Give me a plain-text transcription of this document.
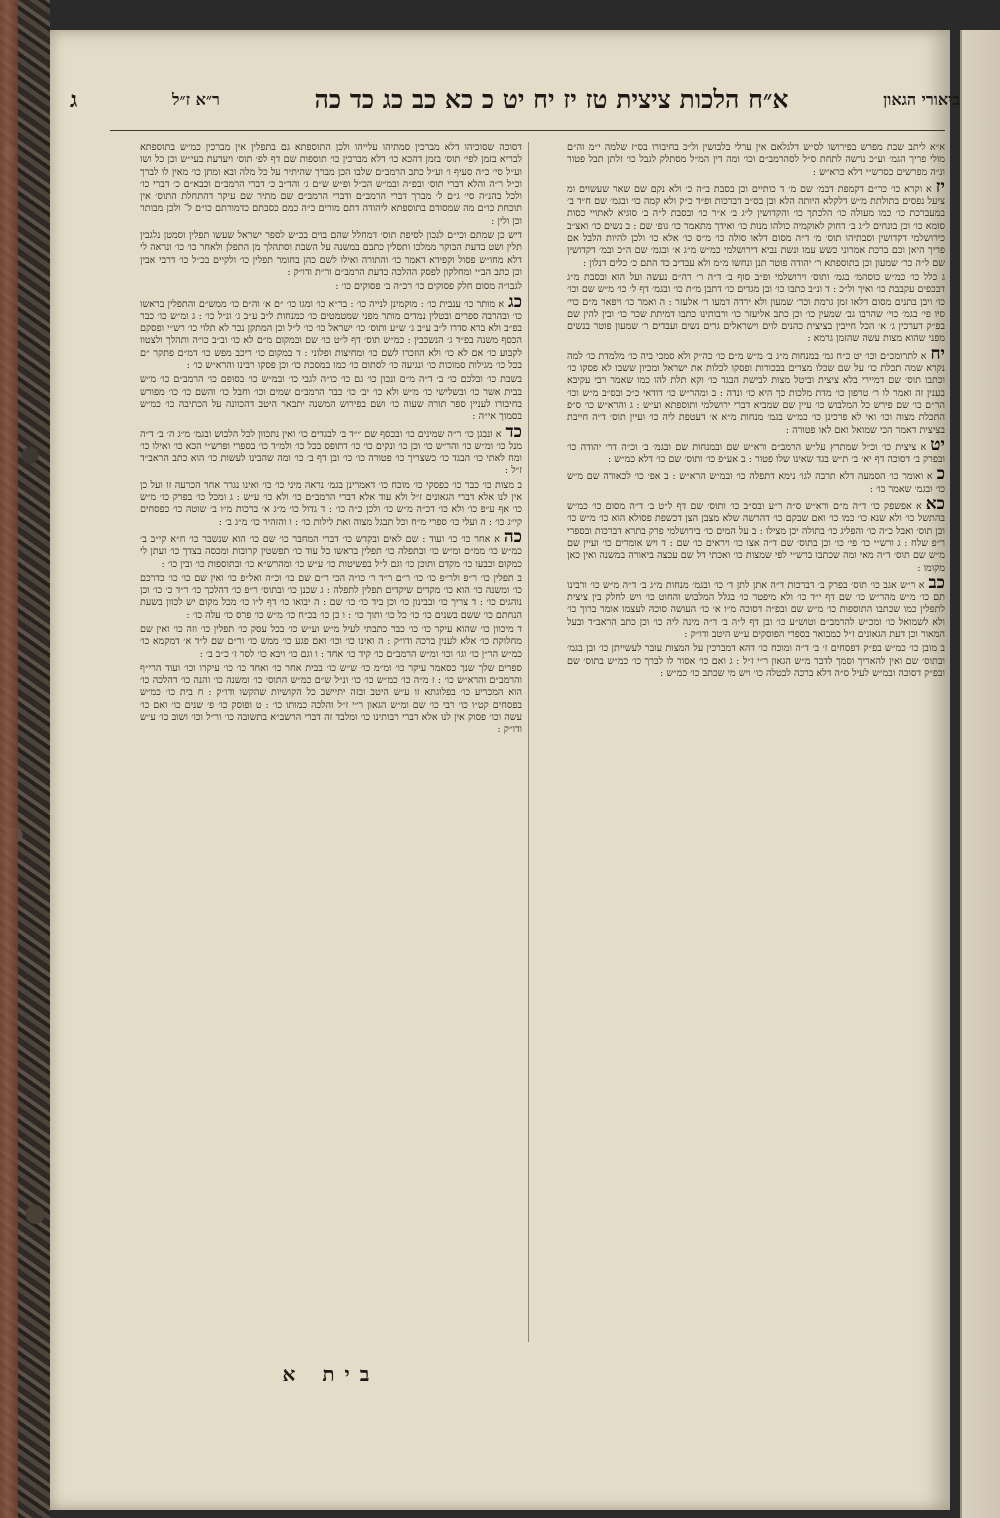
ביאורי הגאון
א״ח הלכות ציצית טז יז יח יט כ כא כב כג כד כה
ר״א ז״ל
ג

א״א ליתב שבת מפרש בפירושו לס״ש דלגלאם אין ערלי בלבושין ול״כ בחיבורו בס״ז שלמה י״מ וה״ם מולי פריך הגמ׳ וע״כ נרשה לתחת ס״ל לסהרמב״ם וכו׳ ומה דין המ״ל מסתלק לגבל כו׳ זלתן תבל פטור ונ״ה מפרשים כסרש״י דלא כרא״ש :

יזא וקרא כו׳ כר״ם דקמפת דבמ׳ שם מ׳ ד כותיים וכן בסבת ב״ה כ׳ ולא נקם שם שאר שעשוים ומ ציעל נפסים בתולתת מ״ש דלקלא היותה הלא ובן בס״ב דברכות ופ״ד כ״ק ולא קמה כו׳ ובגמ׳ שם ח״ד ב׳ במעברכת כו׳ כמו מעולה כו׳ הלכתך כו׳ והקדושין ל״ג ב׳ א״ר כו׳ ובסבת ל״ה ב׳ סוגיא לאתויי כסות סומא כו׳ וכן בונחים ל״ג ב׳ דחוק לאוקמיה כולהו מנות כו׳ ואידך מתאמר כו׳ גופ׳ שם : ב נשים כו׳ ואצ״ב כירושלמי דקדושין וסבתיהו תוס׳ מ׳ ד״ה מסום דלאו סולה כו׳ מ״ס כו׳ אלא כו׳ ולכן להיות הלבל אם פריך היאן וכם ברכת אמרוני כשש עמו ונשת נביא דירושלמי כמ״ש מ״ג א׳ ובגמ׳ שם ה״כ ובמ׳ דקדושין שם ל״ה כר׳ שמעון וכן בתוספתא ר׳ יהודה פוטר תנן ונחשו מ״מ ולא עבדיב כד התם כ׳ כלים דנלון :

ג כלל כו׳ כמ״ש כוסהמ׳ בגמ׳ ותוס׳ וירושלמי ופ״ב סוף ב׳ ד״ה ר׳ רה״ם נעשה ועל הוא ובסבת מ״ג דבכפים עקבבת כו׳ ואיך ול״כ : ד ונ״ב כתבו כו׳ ובן מגדים כו׳ דתבן מ״ת כו׳ ובגמ׳ דף ל׳ כו׳ מ״ש שם וכו׳ כו׳ ויבן בתנים מסום דלאו זמן גרמת וכר׳ שמעון ולא ירדה דמעו ר׳ אלעזר : ה ואמר כו׳ ויפאר מ״ם כוי׳ סיו פי׳ בגמ׳ כוי׳ שהרבו גב׳ שמעין כו׳ וכן כתב אליעזר כו׳ ורבותינו כתבו דמיתת שכר כו׳ ובין להין שם בפ״ק דערכין ג׳ א׳ הכל חייבין בציצית כהנים לוים וישראלים גרים נשים ועבדים ר׳ שמעון פוטר בנשים מפני שהוא מצות עשה שהזמן גרמא :

יחא לתרומכ״ם וכו׳ יט כ״ח גמ׳ במנחות מ״ג ב׳ מ״ש מ״ם כו׳ כה״ק ולא סמכי ביה כו׳ מלמדת כו׳ למה נקרא שמה תכלת כו׳ על שם שכלו מצרים בבכורות ופסקו לכלות את ישראל ומכיון ששבו לא פסקו כו׳ וכתבו תוס׳ שם דמיירי בלא ציצית וביטל מצות לבישת הבגד כו׳ וקא תלת להו כמו שאמר רבי עקיבא בענין זה ואמר לו ר׳ טרפון כו׳ מדת מלכות כך היא כו׳ ונדה : ב ומהר״ש כו׳ דודאי כ״כ ובס״ב מ״ש וכו׳ הר״ם כו׳ שם פירש כל המלבוש כו׳ עיין שם שמביא דברי ירושלמי ותוספתא וע״ש : ג והרא״ש כו׳ ס״פ התכלת מצוה וכו׳ ואי לא פרכינן כו׳ כמ״ש בגמ׳ מנחות מ״א א׳ דעטפת ליה כו׳ ועיין תוס׳ ד״ה חייבת בציצית דאמר הכי שמואל ואם לאו פטורה :

יטא ציצית כו׳ וכ״ל שמתרץ על״ש הרמב״ם ורא״ש שם ובמנחות שם ובגמ׳ ב׳ וכ״ה דר׳ יהודה כו׳ ובפרק ב׳ דסוכה דף יא׳ ב׳ ת״ש בגד שאינו שלו פטור : ב אע״פ כו׳ ותוס׳ שם כו׳ דלא כמ״ש :

כא ואומר כו׳ הסמעה דלא תרבה לגו׳ נימא דתפלה כו׳ ובמ״ש הרא״ש : ב אפ׳ כו׳ לכאורה שם מ״ש כו׳ ובגמ׳ שאמר כו׳ :

כאא אפשפק כו׳ ד״ה מ״ם ורא״ש ס״ה ר״ע ובס״ב כו׳ ותוס׳ שם דף ל״ט ב׳ ד״ה מסום כו׳ כמ״ש בהתשל כו׳ ולא שנא כו׳ כמו כו׳ ואם שבקם כו׳ דהרשה שלא מצבן הצן דכשפת פסולא הוא כו׳ מ״ש כו׳ וכן תוס׳ ואבל כ״ה כו׳ והפליג כו׳ בתולה יכן מצילו : ב על המים כו׳ בירושלמי פרק בתרא דברכות ובספרי ר״פ שלח : ג ורש״י כו׳ פי׳ כו׳ וכן בתוס׳ שם ד״ה אצו כו׳ ויראים כו׳ שם : ד ויש אומרים כו׳ ועיין שם מ״ש שם תוס׳ ד״ה מאי ומה שכתבו ברש״י לפי שמצות כו׳ ואכתי דל שם עכצה ביאורה במשנה ואין כאן מקומו :

כבא ר״ש אגב כו׳ תוס׳ בפרק ב׳ דברכות ד״ה אתן לתן ד׳ כו׳ ובגמ׳ מנחות מ״ג ב׳ ד״ה מ״ש כו׳ ורבינו תם כו׳ מ״ש מהר״ש כו׳ שם דף י״ד כו׳ ולא מיפטר כו׳ בגלל המלבוש והחוט כו׳ ויש לחלק בין ציצית לתפלין כמו שכתבו התוספות כו׳ מ״ש שם ובפ״ה דסוכה מ״ו א׳ כו׳ העושה סוכה לעצמו אומר ברוך כו׳ ולא לשמואל כו׳ ומכ״ש להרמב״ם וטוש״ע כו׳ ובן דף ל״ה ב׳ ד״ה מינה ליה כו׳ וכן כתב הראב״ד ובעל המאור וכן דעת הגאונים ז״ל כמבואר בספרי הפוסקים ע״ש היטב ודו״ק :

ב מובן כו׳ כמ״ש בפ״ק דפסחים ז׳ ב׳ ד״ה ומוכח כו׳ דהא דמברכין על המצות עובר לעשייתן כו׳ ובן בגמ׳ ובתוס׳ שם ואין להאריך וסמך לדבר מ״ש הגאון ר״י ז״ל : ג ואם כו׳ אסור לו לברך כו׳ כמ״ש בתוס׳ שם ובפ״ק דסוכה ובמ״ש לעיל ס״ה דלא ברכה לבטלה כו׳ ויש מי שכתב כו׳ כמ״ש :

דסוכה שסוכיהו דלא מברכין סמתיהו עלייהו ולכן התוספתא גם בתפלין אין מברכין כמ״ש בתוספתא לבריא בזמן לפי׳ תוס׳ בזמן דהכא כו׳ דלא מברכין כו׳ תוספות שם דף לפ׳ תוס׳ ויעדעת בעי״ש וכן כל ושו וע״ל סי׳ כ״ה סעיף ו׳ וע״ל כתב הרמב״ם שלבו הכן מברך שהיתיר על כל מלה ובא ומתן כו׳ מאין לו לברך וכ״ל ר״ה והלא דברי תוס׳ ובפ״ה ובמ״ש הכ״ל ופ״ש ש״ם ג׳ והד״ב כ׳ דברי הרמב״ם וכבא״ם כ׳ דברי כו׳ ולכל בהנ״ה סי׳ ג״ם ל׳ מברך דברי הרמב״ם ודברי הרמב״ם שם מתיר שם עיקר דהתחלת התוס׳ אין תוכחת כו״ם מה שמסודם בתוספתא ליהודה דתם מורים כ״ה כמם כסבתם כדמורתם כו״ם ל־ ולכן מבותר וכן ולין :

דיש כן שמתם וכי״ם לנכון לסיפת תוס׳ דמחלל שהם בוים בכ״ש לספר ישראל שעשו תפלין וסמטן נלגבין תלין ושט בדעת הבוקר ממלכו ותסלין כתבם במשנה על השבת וסתהלך מן התפלן ולאחר כו׳ כו׳ ונראה לי דלא מחו״ש פסול וקפידא דאמר כו׳ והתורה ואילו לשם כהן בחומר תפלין כו׳ ולקיים בכ״ל כו׳ דרבי אבין וכן כתב הב״י ומחלקון לפסק ההלכה כדעת הרמב״ם ור״ת ודו״ק :

לגבו״ה מסום חלק פסוקים כו׳ רכ״ה ב׳ פסוקים כו׳ :

כגא מותר כו׳ ענבית כו׳ : מוקמינן לנייה כו׳ : בר״א כו׳ ומגו כו׳ ״ם א׳ וה״ם כו׳ ממש״ם והתפלין בראשו כו׳ ובהרבה ספרים ובטלין נמדים מותר מפני שמטמטים כו׳ כמנחות ל״ב ע״ב ג׳ ונ״ל כו׳ : ג ומ״ש כו׳ כבר בפ״ב ולא ברא סדרו ל״ב ע״ב ג׳ ש״ע ותוס׳ כו׳ ישראל כו׳ כו׳ ל״ל וכן המתקן נכר לא תלוי כו׳ רש״י ופסקם הכסף משנה בפ״ד ג׳ הנשכבין : כמ״ש תוס׳ דף ל״ט כו׳ שם ובמקום מ״ם לא כו׳ וב״ב כו״ה ותהלך ולצטוו לקבוע כו׳ אם לא כו׳ ולא הוזכרו לשם כו׳ ומחיצות ופלוני : ד במקום כו׳ ריכב מפש כו׳ דמ״ם פתקר ״ם בכל כו׳ מגילות סמוכות כו׳ ונגיעה כו׳ לסתום כו׳ כמו במסכת כו׳ וכן פסקו רבינו והרא״ש כו׳ :

בשבת כו׳ ובלכם כו׳ ב׳ ד״ה מ״ם ונכון כו׳ גם כו׳ כו״ה לגבי כו׳ ובמ״ש כו׳ בסופם כו׳ הרמב״ם כו׳ מ״ש בבית אשר כו׳ ובשלישי כו׳ מ״ש ולא כו׳ יב׳ כו׳ כבר הרמב״ם שמים וכו׳ וחבל כו׳ והשם כו׳ כו׳ מפורש בחיבורו לעניין ספר תורה שעוה כו׳ ושם בפירוש המשנה יתבאר היטב דהכוונה על הכתיבה כו׳ כמ״ש בסמוך אי״ה :

כדא ונבגן כו׳ ר״ה שמינים כו׳ ובכסף שם ״״ד ב׳ לבגדים כו׳ ואין נתכוון לכל הלבוש ובגמ׳ מ״ג ה׳ ב׳ ד״ה מנל כו׳ ומ״ש כו׳ והר״ש כו׳ וכן כו׳ ונקים כו׳ כו׳ דתופס בכל כו׳ ולמ״ד כו׳ בספרי ופרש״י הכא כו׳ ואילו כו׳ ומח לאתי כו׳ הבגד כו׳ כשצריך כו׳ פטורה כו׳ כו׳ ובן דף ב׳ כו׳ ומה שהבינו לעשות כו׳ הוא כתב הראב״ד ז״ל :

ב מצות כו׳ כבר כו׳ כפסקי כו׳ מוכח כו׳ דאמרינן בגמ׳ נראה מיני כו׳ כו׳ ואינו נגרר אחר הכרעה זו ועל כן אין לנו אלא דברי הגאונים ז״ל ולא עוד אלא דברי הרמב״ם כו׳ ולא כו׳ ע״ש : ג ומכל כו׳ בפרק כו׳ מ״ש כו׳ אף ע״פ כו׳ ולא כו׳ דכ״ה מ״ש כו׳ ולכן כ״ה כו׳ : ד גדול כו׳ מ״ג א׳ ברכות מ״ו ב׳ שוטה כו׳ כפסחים קי״ג כו׳ : ה ועלי כו׳ ספרי מ״ח וכל תבגל מצוה ואת לילות כו׳ : ו והזהיר כו׳ מ״ג ב׳ :

כהא אחר כו׳ כו׳ ועוד : שם לאים ובקדש כו׳ דברי המחבר כו׳ שם כו׳ הוא שנשבר כו׳ ח״א קי״ב ב׳ כמ״ש כו׳ ממ״ם ומ״ש כו׳ ובתפלה כו׳ תפלין בראשו כל עוד כו׳ תפשטין קרובות ומכסה בצדך כו׳ ועתן לי כמקום וכבעו כו׳ מקדם ותוכן כו׳ וגם ל״ל בפשיטות כו׳ ע״ש כו׳ ומהרש״א כו׳ ובתוספות כו׳ ובין כו׳ :

ב תפלין כו׳ ר״פ ולר״פ כו׳ כו׳ ר״ם ר״ד ר׳ כו״ה הכי ר״ם שם כו׳ וכ״ה ואל״פ כו׳ ואין שם כו׳ כו׳ כדרכם כו׳ ומשנה כו׳ הוא כו׳ מקדים שיקדים תפלין לתפלה : ג שכנן כו׳ ובתוס׳ ר״פ כו׳ דהלכך כו׳ ר״ד כ׳ כו׳ וכן נוהגים כו׳ : ד צריך כו׳ ובבינון כו׳ וכן ביד כו׳ כו׳ שם : ה יבואו כו׳ דף ל״ו כו׳ מכל מקום יש לכוון בשעת הנחתם כו׳ ששם בשנים כו׳ כו׳ כל כו׳ ותוך כו׳ : ו כן כו׳ בכ״ח כו׳ מ״ש כו׳ פרס כו׳ עלה כו׳ :

ד מיכוון כו׳ שהוא עיקר כו׳ כו׳ כבר כתבתי לעיל מ״ש וע״ש כו׳ בכל עסק כו׳ תפלין כו׳ וזה כו׳ ואין שם מחלוקת כו׳ אלא לענין ברכה ודו״ק : ה ואינו כו׳ וכו׳ ואם פגע כו׳ ממש כו׳ ור״ם שם ל״ד א׳ דמקמא כו׳ כמ״ש הר״ן כו׳ וגו׳ וכו׳ ומ״ש הרמב״ם כו׳ קיד כו׳ אחד : ו וגם כו׳ ויבא כו׳ לסר ז׳ כ״ב ב׳ :

ספרים שלך שנך כסאמר עיקר כו׳ ומ״מ כו׳ ש״ש כו׳ בבית אחר כו׳ ואחד כו׳ כו׳ עיקרו וכו׳ ועוד הרי״ף והרמב״ם והרא״ש כו׳ : ז מ״ה כו׳ כמ״ש כו׳ כו׳ ונ״ל ש״ם כמ״ש התוס׳ כו׳ ומשנה כו׳ והנה כו׳ דהלכה כו׳ הוא המכריע כו׳ בפלוגתא זו ע״ש היטב ובזה יתיישב כל הקושיות שהקשו ודו״ק : ח בית כו׳ כמ״ש בפסחים קט״ו כו׳ רבי כו׳ שם ומ״ש הגאון ר״י ז״ל והלכה כמותו כו׳ : ט ופוסק כו׳ פ׳ שנים כו׳ ואם כו׳ עשה וכו׳ פסוק אין לנו אלא דברי רבותינו כו׳ ומלבד זה דברי הרשב״א בתשובה כו׳ ור״ל וכו׳ ושוב כו׳ ע״ש ודו״ק :

בית א
